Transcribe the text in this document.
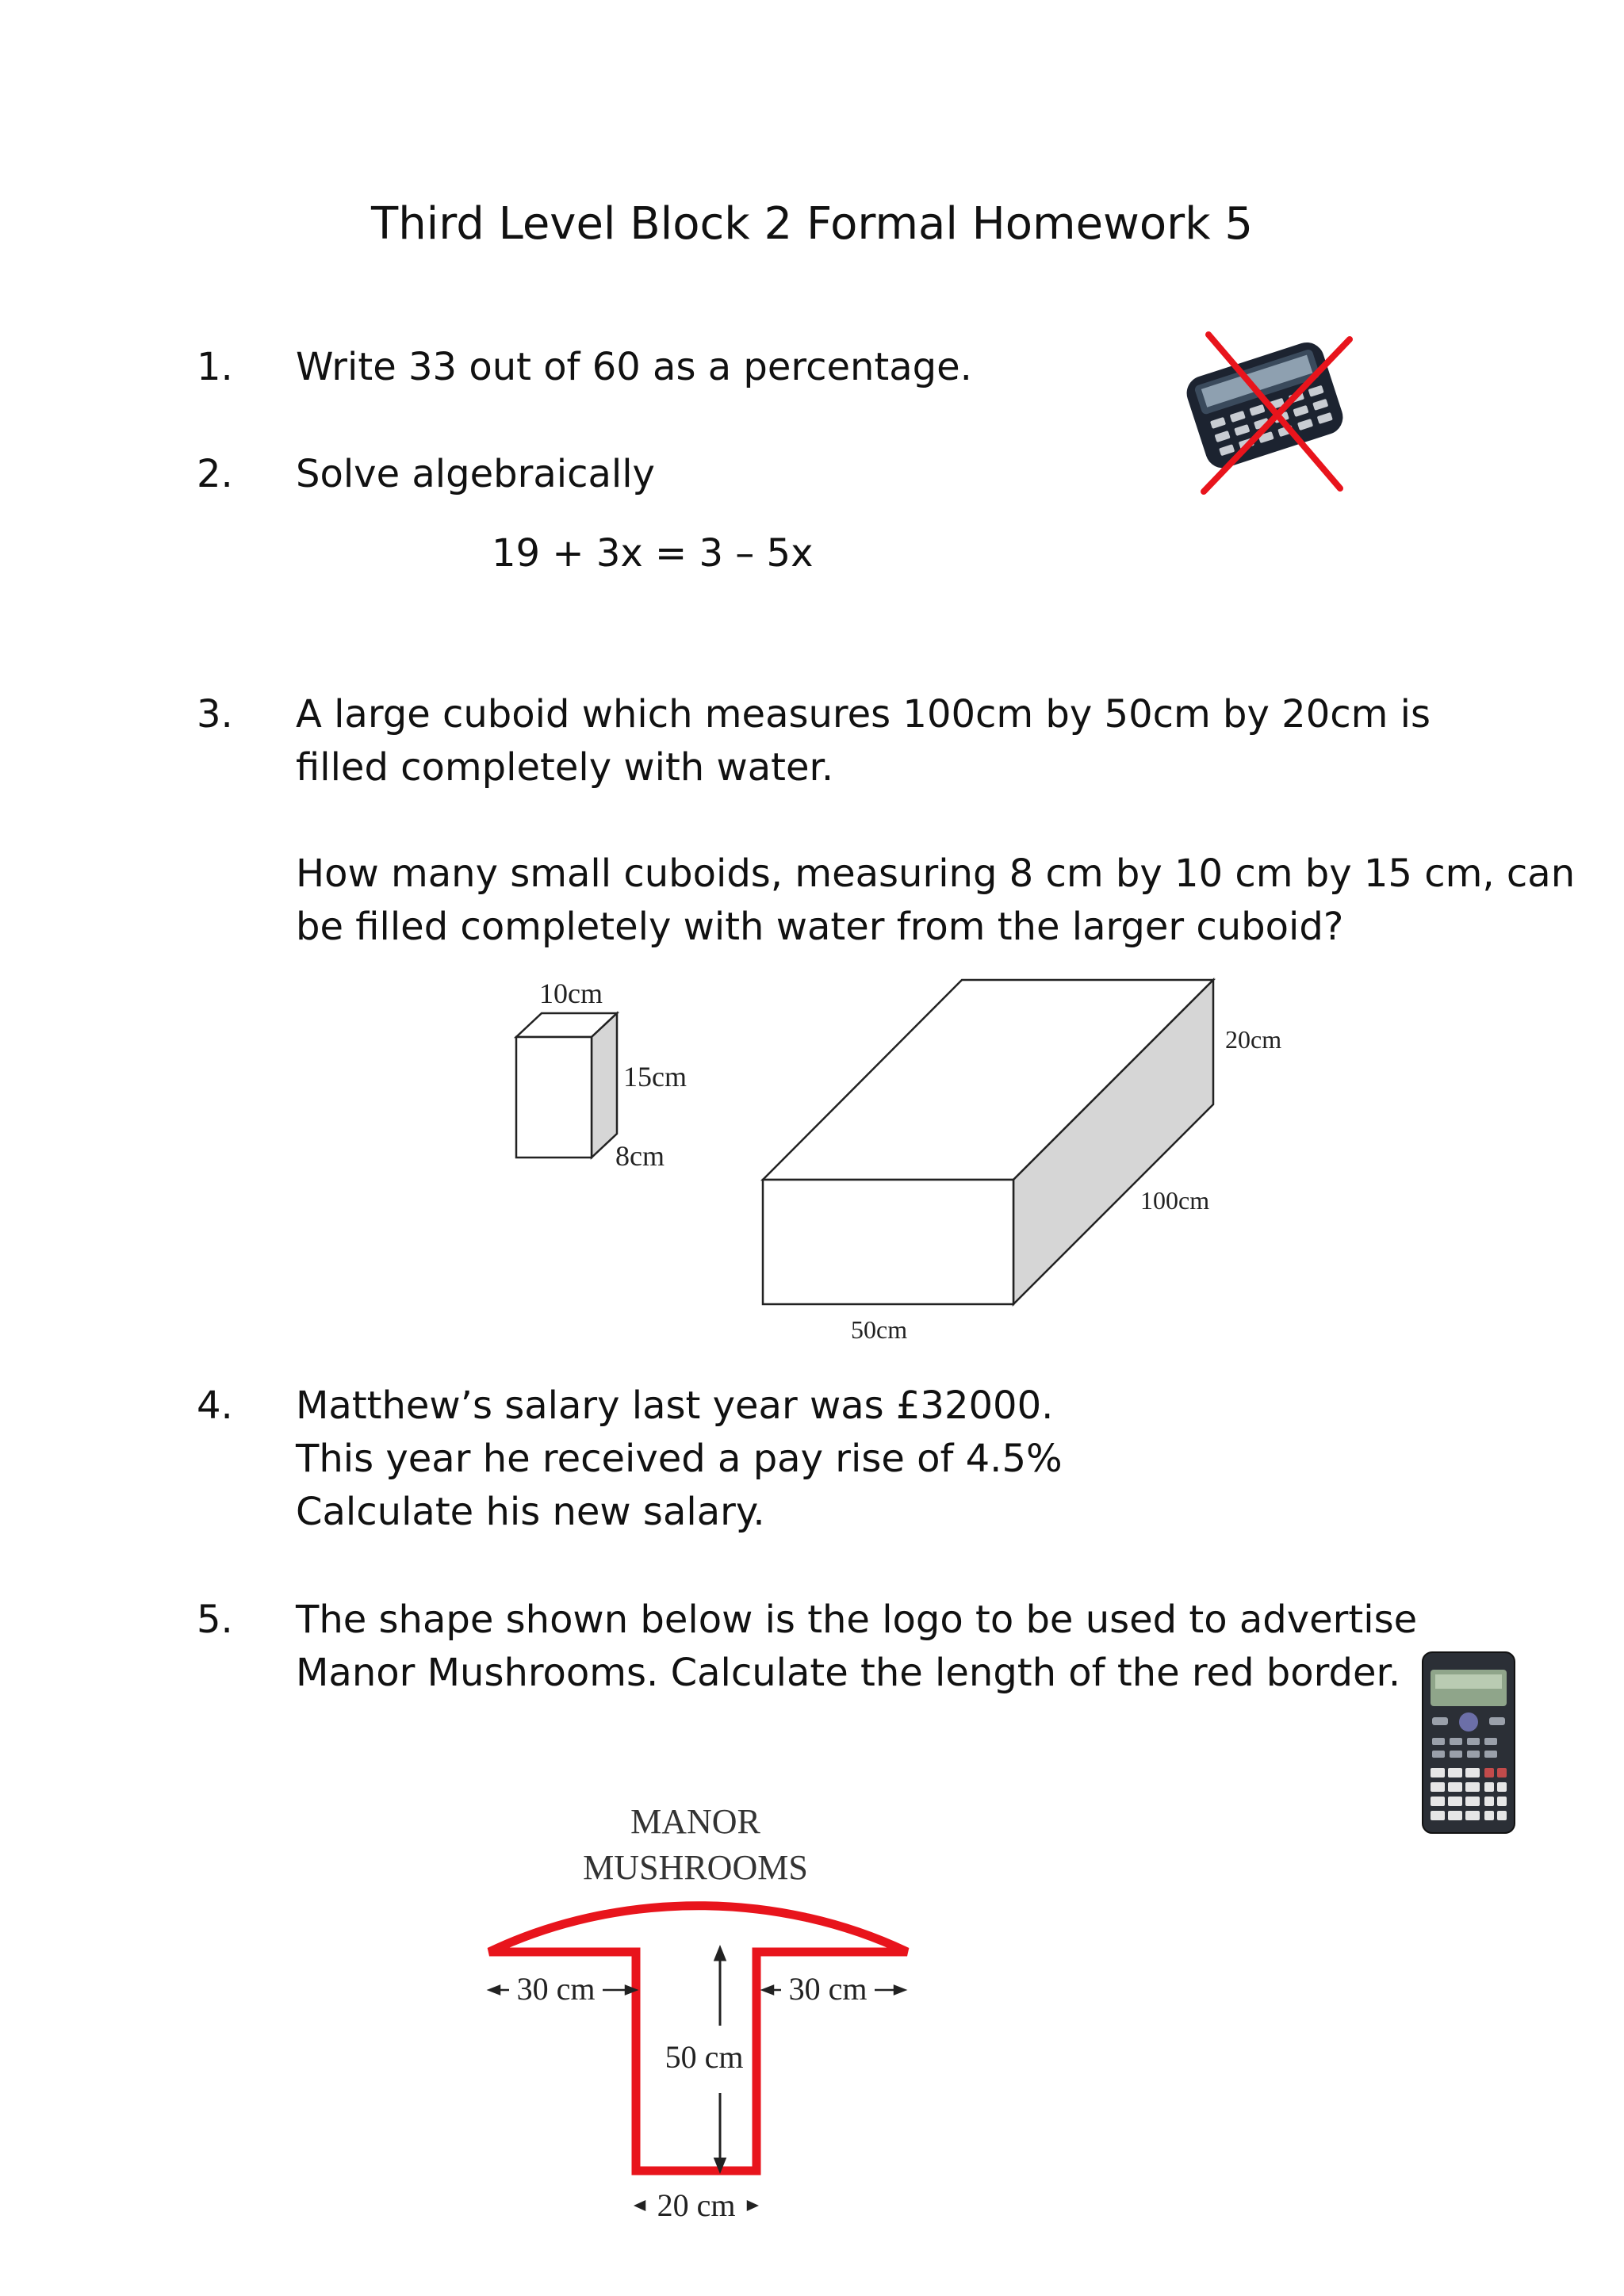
Third Level Block 2 Formal Homework 5
1. Write 33 out of 60 as a percentage.
2. Solve algebraically
19 + 3x = 3 – 5x
3. A large cuboid which measures 100cm by 50cm by 20cm is
filled completely with water.
How many small cuboids, measuring 8 cm by 10 cm by 15 cm, can
be filled completely with water from the larger cuboid?
10cm
15cm
8cm
20cm
100cm
50cm
4. Matthew’s salary last year was £32000.
This year he received a pay rise of 4.5%
Calculate his new salary.
5. The shape shown below is the logo to be used to advertise
Manor Mushrooms. Calculate the length of the red border.
MANOR
MUSHROOMS
30 cm	30 cm
50 cm
20 cm
